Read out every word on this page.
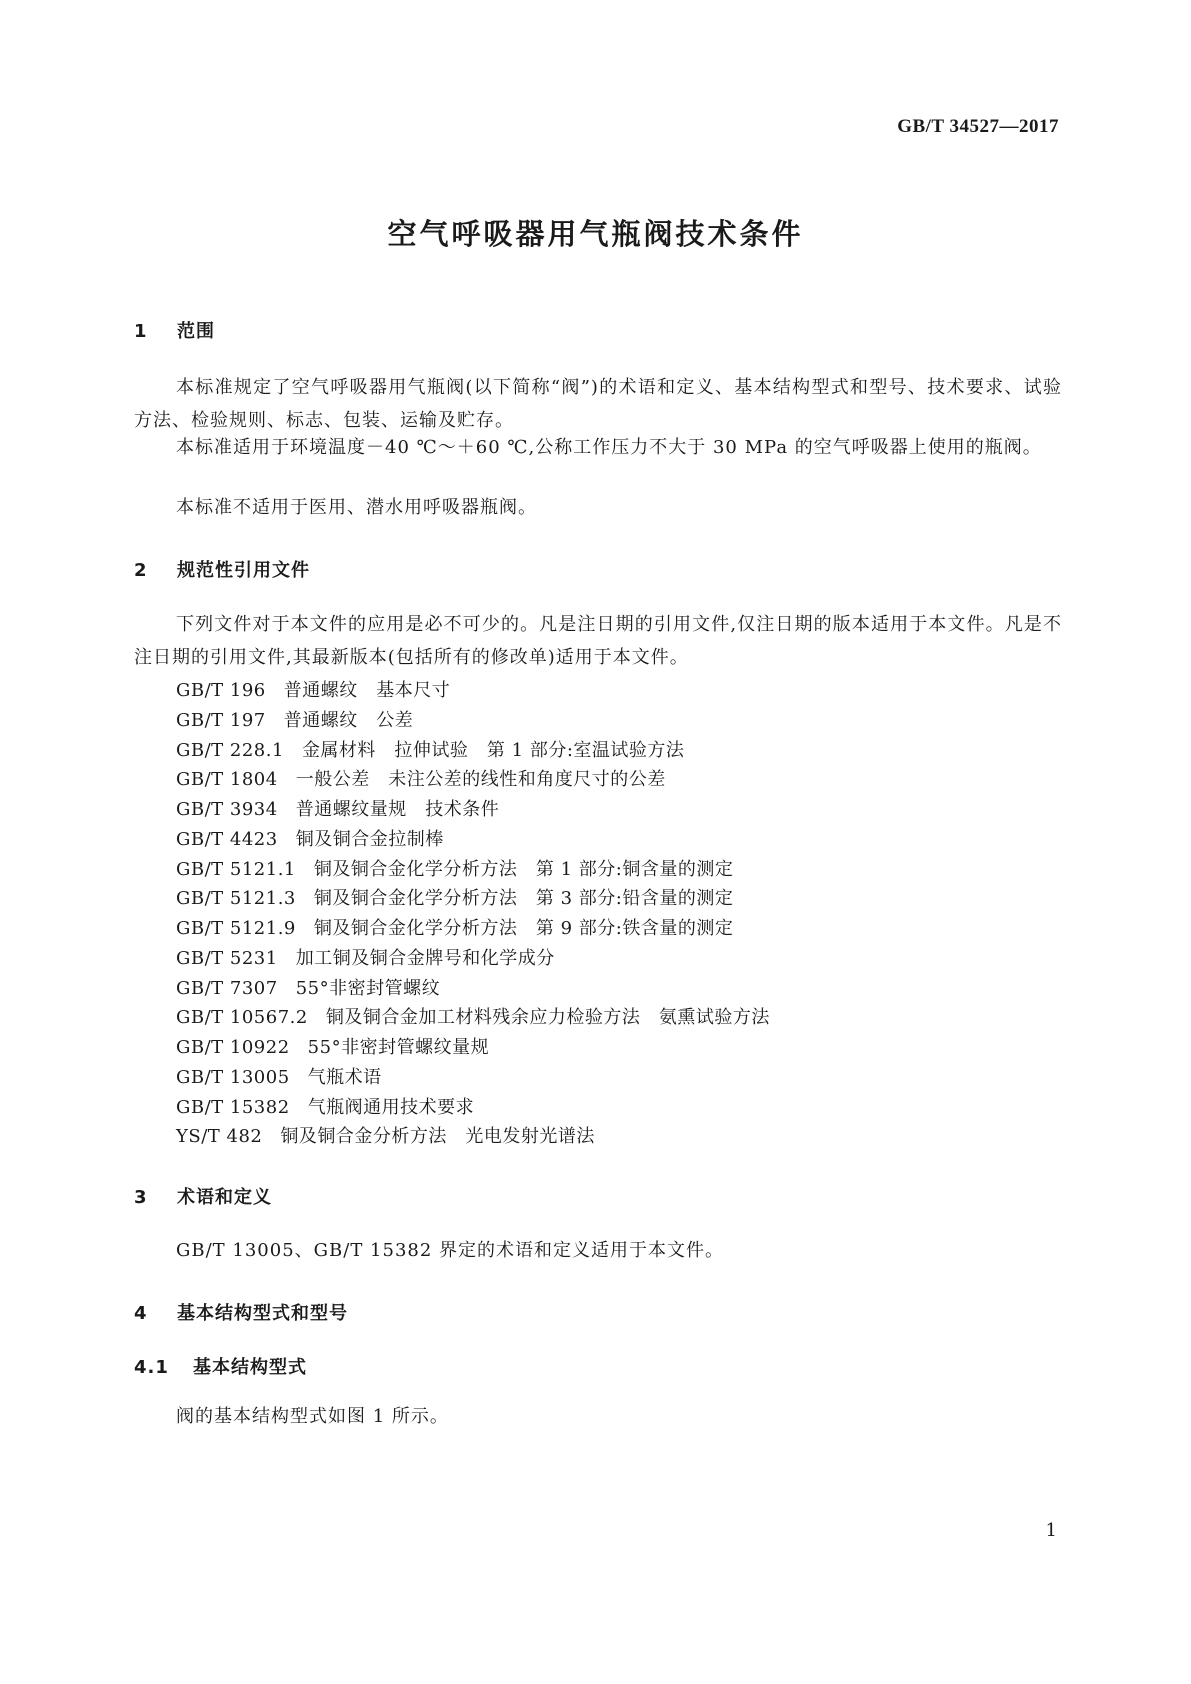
GB/T 34527—2017
空气呼吸器用气瓶阀技术条件
1　 范围
本标准规定了空气呼吸器用气瓶阀(以下简称“阀”)的术语和定义、基本结构型式和型号、技术要求、试验方法、检验规则、标志、包装、运输及贮存。
本标准适用于环境温度－40 ℃～＋60 ℃,公称工作压力不大于 30 MPa 的空气呼吸器上使用的瓶阀。
本标准不适用于医用、潜水用呼吸器瓶阀。
2　 规范性引用文件
下列文件对于本文件的应用是必不可少的。凡是注日期的引用文件,仅注日期的版本适用于本文件。凡是不注日期的引用文件,其最新版本(包括所有的修改单)适用于本文件。
GB/T 196 普通螺纹　基本尺寸
GB/T 197 普通螺纹　公差
GB/T 228.1 金属材料　拉伸试验　第 1 部分:室温试验方法
GB/T 1804 一般公差　未注公差的线性和角度尺寸的公差
GB/T 3934 普通螺纹量规　技术条件
GB/T 4423 铜及铜合金拉制棒
GB/T 5121.1 铜及铜合金化学分析方法　第 1 部分:铜含量的测定
GB/T 5121.3 铜及铜合金化学分析方法　第 3 部分:铅含量的测定
GB/T 5121.9 铜及铜合金化学分析方法　第 9 部分:铁含量的测定
GB/T 5231 加工铜及铜合金牌号和化学成分
GB/T 7307 55°非密封管螺纹
GB/T 10567.2 铜及铜合金加工材料残余应力检验方法　氨熏试验方法
GB/T 10922 55°非密封管螺纹量规
GB/T 13005 气瓶术语
GB/T 15382 气瓶阀通用技术要求
YS/T 482 铜及铜合金分析方法　光电发射光谱法
3　 术语和定义
GB/T 13005、GB/T 15382 界定的术语和定义适用于本文件。
4　 基本结构型式和型号
4.1　 基本结构型式
阀的基本结构型式如图 1 所示。
1
